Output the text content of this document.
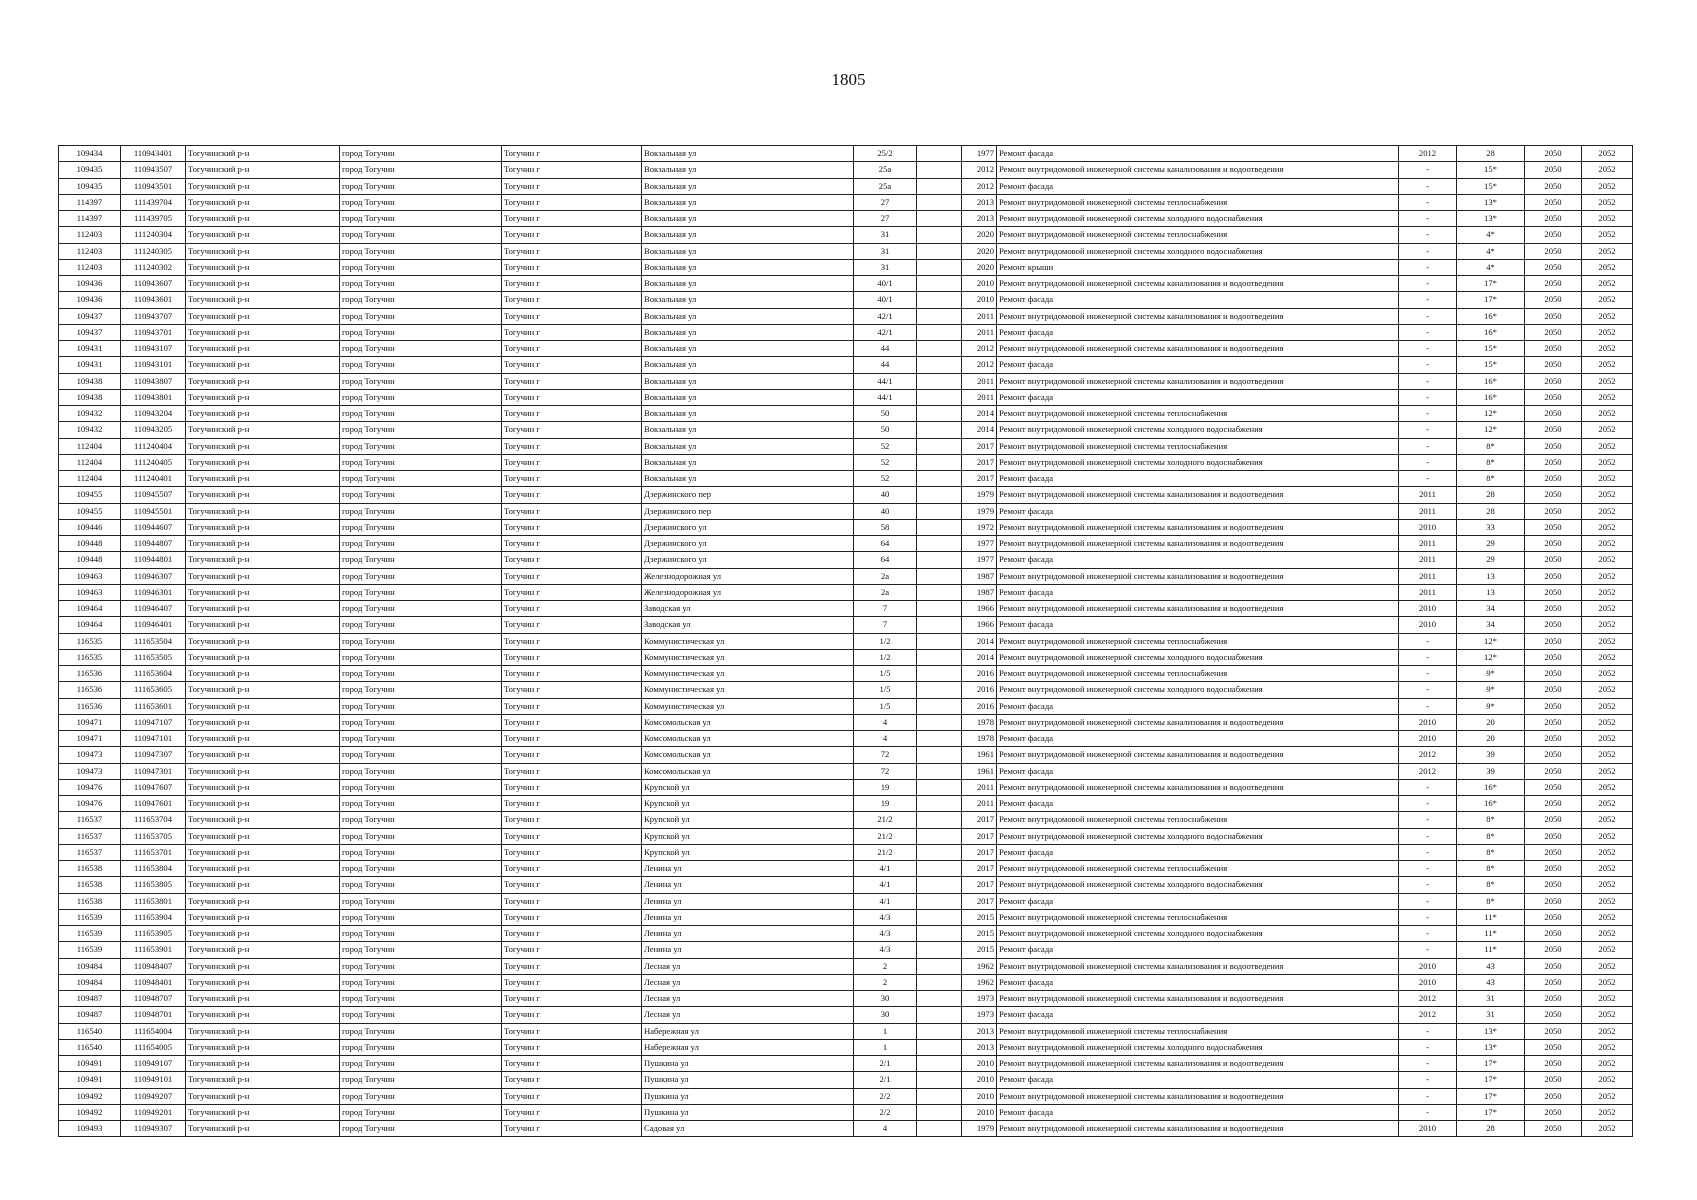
1805
109434	110943401	Тогучинский р-н	город Тогучин	Тогучин г	Вокзальная ул	25/2		1977	Ремонт фасада	2012	28	2050	2052
109435	110943507	Тогучинский р-н	город Тогучин	Тогучин г	Вокзальная ул	25а		2012	Ремонт внутридомовой инженерной системы канализования и водоотведения	-	15*	2050	2052
109435	110943501	Тогучинский р-н	город Тогучин	Тогучин г	Вокзальная ул	25а		2012	Ремонт фасада	-	15*	2050	2052
114397	111439704	Тогучинский р-н	город Тогучин	Тогучин г	Вокзальная ул	27		2013	Ремонт внутридомовой инженерной системы теплоснабжения	-	13*	2050	2052
114397	111439705	Тогучинский р-н	город Тогучин	Тогучин г	Вокзальная ул	27		2013	Ремонт внутридомовой инженерной системы холодного водоснабжения	-	13*	2050	2052
112403	111240304	Тогучинский р-н	город Тогучин	Тогучин г	Вокзальная ул	31		2020	Ремонт внутридомовой инженерной системы теплоснабжения	-	4*	2050	2052
112403	111240305	Тогучинский р-н	город Тогучин	Тогучин г	Вокзальная ул	31		2020	Ремонт внутридомовой инженерной системы холодного водоснабжения	-	4*	2050	2052
112403	111240302	Тогучинский р-н	город Тогучин	Тогучин г	Вокзальная ул	31		2020	Ремонт крыши	-	4*	2050	2052
109436	110943607	Тогучинский р-н	город Тогучин	Тогучин г	Вокзальная ул	40/1		2010	Ремонт внутридомовой инженерной системы канализования и водоотведения	-	17*	2050	2052
109436	110943601	Тогучинский р-н	город Тогучин	Тогучин г	Вокзальная ул	40/1		2010	Ремонт фасада	-	17*	2050	2052
109437	110943707	Тогучинский р-н	город Тогучин	Тогучин г	Вокзальная ул	42/1		2011	Ремонт внутридомовой инженерной системы канализования и водоотведения	-	16*	2050	2052
109437	110943701	Тогучинский р-н	город Тогучин	Тогучин г	Вокзальная ул	42/1		2011	Ремонт фасада	-	16*	2050	2052
109431	110943107	Тогучинский р-н	город Тогучин	Тогучин г	Вокзальная ул	44		2012	Ремонт внутридомовой инженерной системы канализования и водоотведения	-	15*	2050	2052
109431	110943101	Тогучинский р-н	город Тогучин	Тогучин г	Вокзальная ул	44		2012	Ремонт фасада	-	15*	2050	2052
109438	110943807	Тогучинский р-н	город Тогучин	Тогучин г	Вокзальная ул	44/1		2011	Ремонт внутридомовой инженерной системы канализования и водоотведения	-	16*	2050	2052
109438	110943801	Тогучинский р-н	город Тогучин	Тогучин г	Вокзальная ул	44/1		2011	Ремонт фасада	-	16*	2050	2052
109432	110943204	Тогучинский р-н	город Тогучин	Тогучин г	Вокзальная ул	50		2014	Ремонт внутридомовой инженерной системы теплоснабжения	-	12*	2050	2052
109432	110943205	Тогучинский р-н	город Тогучин	Тогучин г	Вокзальная ул	50		2014	Ремонт внутридомовой инженерной системы холодного водоснабжения	-	12*	2050	2052
112404	111240404	Тогучинский р-н	город Тогучин	Тогучин г	Вокзальная ул	52		2017	Ремонт внутридомовой инженерной системы теплоснабжения	-	8*	2050	2052
112404	111240405	Тогучинский р-н	город Тогучин	Тогучин г	Вокзальная ул	52		2017	Ремонт внутридомовой инженерной системы холодного водоснабжения	-	8*	2050	2052
112404	111240401	Тогучинский р-н	город Тогучин	Тогучин г	Вокзальная ул	52		2017	Ремонт фасада	-	8*	2050	2052
109455	110945507	Тогучинский р-н	город Тогучин	Тогучин г	Дзержинского пер	40		1979	Ремонт внутридомовой инженерной системы канализования и водоотведения	2011	28	2050	2052
109455	110945501	Тогучинский р-н	город Тогучин	Тогучин г	Дзержинского пер	40		1979	Ремонт фасада	2011	28	2050	2052
109446	110944607	Тогучинский р-н	город Тогучин	Тогучин г	Дзержинского ул	58		1972	Ремонт внутридомовой инженерной системы канализования и водоотведения	2010	33	2050	2052
109448	110944807	Тогучинский р-н	город Тогучин	Тогучин г	Дзержинского ул	64		1977	Ремонт внутридомовой инженерной системы канализования и водоотведения	2011	29	2050	2052
109448	110944801	Тогучинский р-н	город Тогучин	Тогучин г	Дзержинского ул	64		1977	Ремонт фасада	2011	29	2050	2052
109463	110946307	Тогучинский р-н	город Тогучин	Тогучин г	Железнодорожная ул	2а		1987	Ремонт внутридомовой инженерной системы канализования и водоотведения	2011	13	2050	2052
109463	110946301	Тогучинский р-н	город Тогучин	Тогучин г	Железнодорожная ул	2а		1987	Ремонт фасада	2011	13	2050	2052
109464	110946407	Тогучинский р-н	город Тогучин	Тогучин г	Заводская ул	7		1966	Ремонт внутридомовой инженерной системы канализования и водоотведения	2010	34	2050	2052
109464	110946401	Тогучинский р-н	город Тогучин	Тогучин г	Заводская ул	7		1966	Ремонт фасада	2010	34	2050	2052
116535	111653504	Тогучинский р-н	город Тогучин	Тогучин г	Коммунистическая ул	1/2		2014	Ремонт внутридомовой инженерной системы теплоснабжения	-	12*	2050	2052
116535	111653505	Тогучинский р-н	город Тогучин	Тогучин г	Коммунистическая ул	1/2		2014	Ремонт внутридомовой инженерной системы холодного водоснабжения	-	12*	2050	2052
116536	111653604	Тогучинский р-н	город Тогучин	Тогучин г	Коммунистическая ул	1/5		2016	Ремонт внутридомовой инженерной системы теплоснабжения	-	9*	2050	2052
116536	111653605	Тогучинский р-н	город Тогучин	Тогучин г	Коммунистическая ул	1/5		2016	Ремонт внутридомовой инженерной системы холодного водоснабжения	-	9*	2050	2052
116536	111653601	Тогучинский р-н	город Тогучин	Тогучин г	Коммунистическая ул	1/5		2016	Ремонт фасада	-	9*	2050	2052
109471	110947107	Тогучинский р-н	город Тогучин	Тогучин г	Комсомольская ул	4		1978	Ремонт внутридомовой инженерной системы канализования и водоотведения	2010	20	2050	2052
109471	110947101	Тогучинский р-н	город Тогучин	Тогучин г	Комсомольская ул	4		1978	Ремонт фасада	2010	20	2050	2052
109473	110947307	Тогучинский р-н	город Тогучин	Тогучин г	Комсомольская ул	72		1961	Ремонт внутридомовой инженерной системы канализования и водоотведения	2012	39	2050	2052
109473	110947301	Тогучинский р-н	город Тогучин	Тогучин г	Комсомольская ул	72		1961	Ремонт фасада	2012	39	2050	2052
109476	110947607	Тогучинский р-н	город Тогучин	Тогучин г	Крупской ул	19		2011	Ремонт внутридомовой инженерной системы канализования и водоотведения	-	16*	2050	2052
109476	110947601	Тогучинский р-н	город Тогучин	Тогучин г	Крупской ул	19		2011	Ремонт фасада	-	16*	2050	2052
116537	111653704	Тогучинский р-н	город Тогучин	Тогучин г	Крупской ул	21/2		2017	Ремонт внутридомовой инженерной системы теплоснабжения	-	8*	2050	2052
116537	111653705	Тогучинский р-н	город Тогучин	Тогучин г	Крупской ул	21/2		2017	Ремонт внутридомовой инженерной системы холодного водоснабжения	-	8*	2050	2052
116537	111653701	Тогучинский р-н	город Тогучин	Тогучин г	Крупской ул	21/2		2017	Ремонт фасада	-	8*	2050	2052
116538	111653804	Тогучинский р-н	город Тогучин	Тогучин г	Ленина ул	4/1		2017	Ремонт внутридомовой инженерной системы теплоснабжения	-	8*	2050	2052
116538	111653805	Тогучинский р-н	город Тогучин	Тогучин г	Ленина ул	4/1		2017	Ремонт внутридомовой инженерной системы холодного водоснабжения	-	8*	2050	2052
116538	111653801	Тогучинский р-н	город Тогучин	Тогучин г	Ленина ул	4/1		2017	Ремонт фасада	-	8*	2050	2052
116539	111653904	Тогучинский р-н	город Тогучин	Тогучин г	Ленина ул	4/3		2015	Ремонт внутридомовой инженерной системы теплоснабжения	-	11*	2050	2052
116539	111653905	Тогучинский р-н	город Тогучин	Тогучин г	Ленина ул	4/3		2015	Ремонт внутридомовой инженерной системы холодного водоснабжения	-	11*	2050	2052
116539	111653901	Тогучинский р-н	город Тогучин	Тогучин г	Ленина ул	4/3		2015	Ремонт фасада	-	11*	2050	2052
109484	110948407	Тогучинский р-н	город Тогучин	Тогучин г	Лесная ул	2		1962	Ремонт внутридомовой инженерной системы канализования и водоотведения	2010	43	2050	2052
109484	110948401	Тогучинский р-н	город Тогучин	Тогучин г	Лесная ул	2		1962	Ремонт фасада	2010	43	2050	2052
109487	110948707	Тогучинский р-н	город Тогучин	Тогучин г	Лесная ул	30		1973	Ремонт внутридомовой инженерной системы канализования и водоотведения	2012	31	2050	2052
109487	110948701	Тогучинский р-н	город Тогучин	Тогучин г	Лесная ул	30		1973	Ремонт фасада	2012	31	2050	2052
116540	111654004	Тогучинский р-н	город Тогучин	Тогучин г	Набережная ул	1		2013	Ремонт внутридомовой инженерной системы теплоснабжения	-	13*	2050	2052
116540	111654005	Тогучинский р-н	город Тогучин	Тогучин г	Набережная ул	1		2013	Ремонт внутридомовой инженерной системы холодного водоснабжения	-	13*	2050	2052
109491	110949107	Тогучинский р-н	город Тогучин	Тогучин г	Пушкина ул	2/1		2010	Ремонт внутридомовой инженерной системы канализования и водоотведения	-	17*	2050	2052
109491	110949101	Тогучинский р-н	город Тогучин	Тогучин г	Пушкина ул	2/1		2010	Ремонт фасада	-	17*	2050	2052
109492	110949207	Тогучинский р-н	город Тогучин	Тогучин г	Пушкина ул	2/2		2010	Ремонт внутридомовой инженерной системы канализования и водоотведения	-	17*	2050	2052
109492	110949201	Тогучинский р-н	город Тогучин	Тогучин г	Пушкина ул	2/2		2010	Ремонт фасада	-	17*	2050	2052
109493	110949307	Тогучинский р-н	город Тогучин	Тогучин г	Садовая ул	4		1979	Ремонт внутридомовой инженерной системы канализования и водоотведения	2010	28	2050	2052
